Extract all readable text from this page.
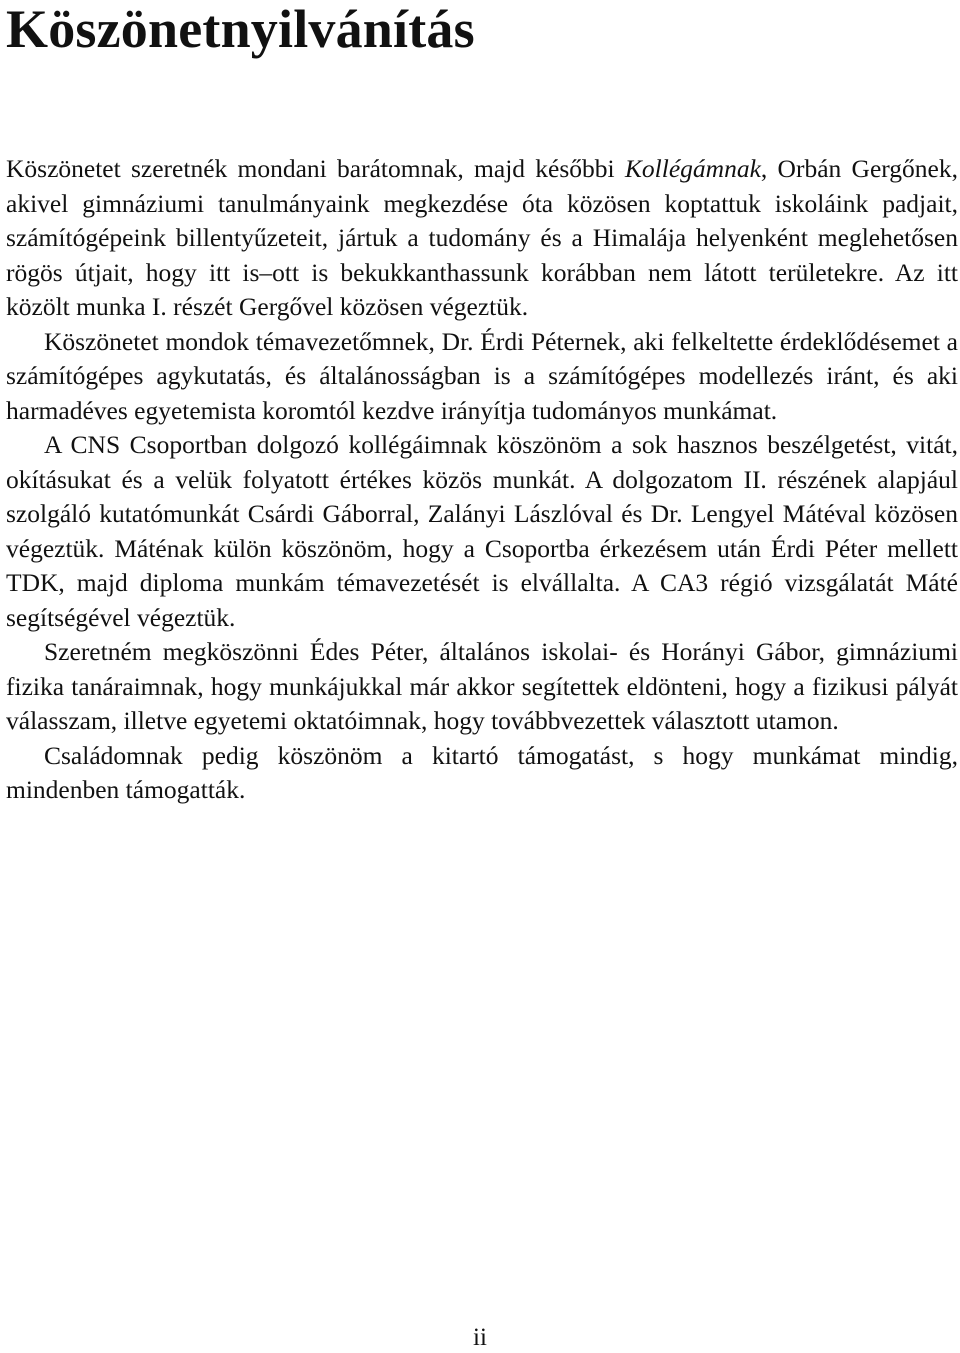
Köszönetnyilvánítás

Köszönetet szeretnék mondani barátomnak, majd későbbi Kollégámnak, Orbán Gergőnek, akivel gimnáziumi tanulmányaink megkezdése óta közösen koptattuk iskoláink padjait, számítógépeink billentyűzeteit, jártuk a tudomány és a Himalája helyenként meglehetősen rögös útjait, hogy itt is–ott is bekukkanthassunk korábban nem látott területekre. Az itt közölt munka I. részét Gergővel közösen végeztük.

Köszönetet mondok témavezetőmnek, Dr. Érdi Péternek, aki felkeltette érdeklődésemet a számítógépes agykutatás, és általánosságban is a számítógépes modellezés iránt, és aki harmadéves egyetemista koromtól kezdve irányítja tudományos munkámat.

A CNS Csoportban dolgozó kollégáimnak köszönöm a sok hasznos beszélgetést, vitát, okításukat és a velük folyatott értékes közös munkát. A dolgozatom II. részének alapjául szolgáló kutatómunkát Csárdi Gáborral, Zalányi Lászlóval és Dr. Lengyel Mátéval közösen végeztük. Máténak külön köszönöm, hogy a Csoportba érkezésem után Érdi Péter mellett TDK, majd diploma munkám témavezetését is elvállalta. A CA3 régió vizsgálatát Máté segítségével végeztük.

Szeretném megköszönni Édes Péter, általános iskolai- és Horányi Gábor, gimnáziumi fizika tanáraimnak, hogy munkájukkal már akkor segítettek eldönteni, hogy a fizikusi pályát válasszam, illetve egyetemi oktatóimnak, hogy továbbvezettek választott utamon.

Családomnak pedig köszönöm a kitartó támogatást, s hogy munkámat mindig, mindenben támogatták.

ii
